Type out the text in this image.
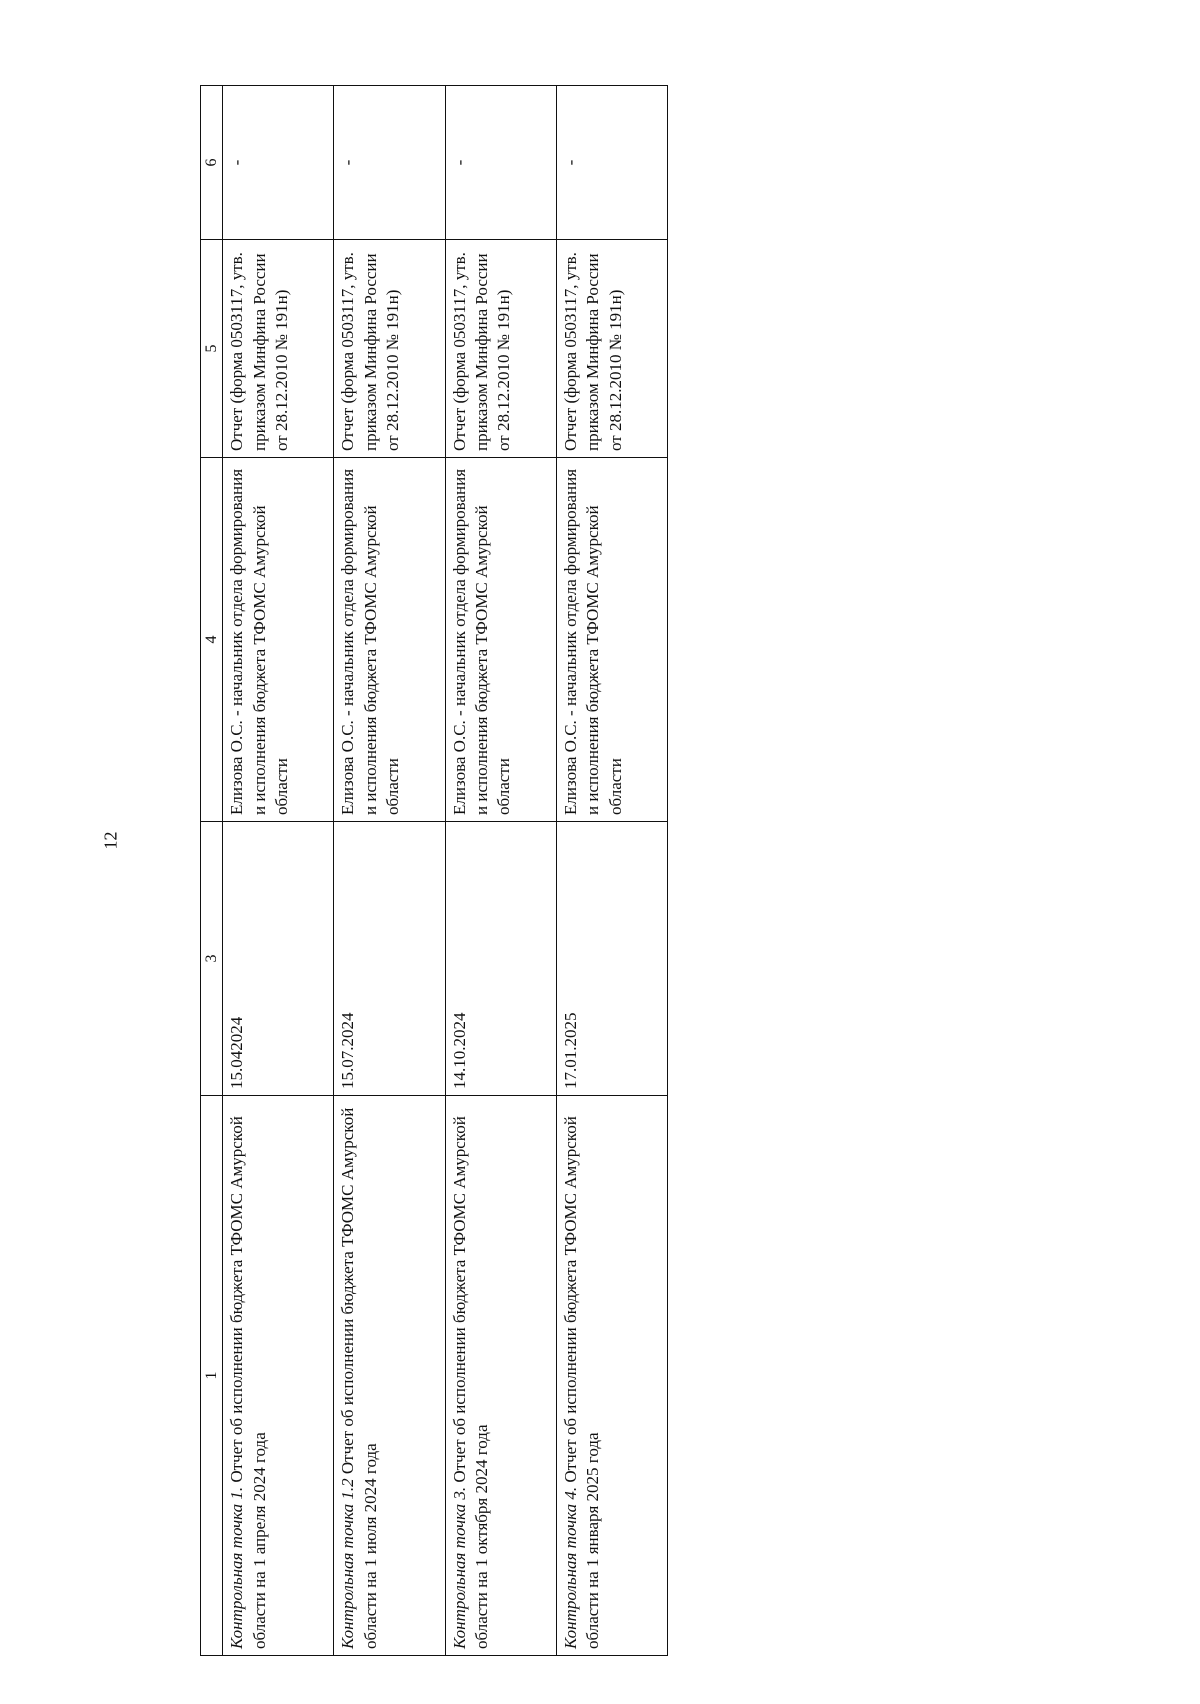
12
1	3	4	5	6
Контрольная точка 1. Отчет об исполнении бюджета ТФОМС Амурской области на 1 апреля 2024 года	15.042024	Елизова О.С. - начальник отдела формирования и исполнения бюджета ТФОМС Амурской области	Отчет (форма 0503117, утв. приказом Минфина России от 28.12.2010 № 191н)	-
Контрольная точка 1.2 Отчет об исполнении бюджета ТФОМС Амурской области на 1 июля 2024 года	15.07.2024	Елизова О.С. - начальник отдела формирования и исполнения бюджета ТФОМС Амурской области	Отчет (форма 0503117, утв. приказом Минфина России от 28.12.2010 № 191н)	-
Контрольная точка 3. Отчет об исполнении бюджета ТФОМС Амурской области на 1 октября 2024 года	14.10.2024	Елизова О.С. - начальник отдела формирования и исполнения бюджета ТФОМС Амурской области	Отчет (форма 0503117, утв. приказом Минфина России от 28.12.2010 № 191н)	-
Контрольная точка 4. Отчет об исполнении бюджета ТФОМС Амурской области на 1 января 2025 года	17.01.2025	Елизова О.С. - начальник отдела формирования и исполнения бюджета ТФОМС Амурской области	Отчет (форма 0503117, утв. приказом Минфина России от 28.12.2010 № 191н)	-
